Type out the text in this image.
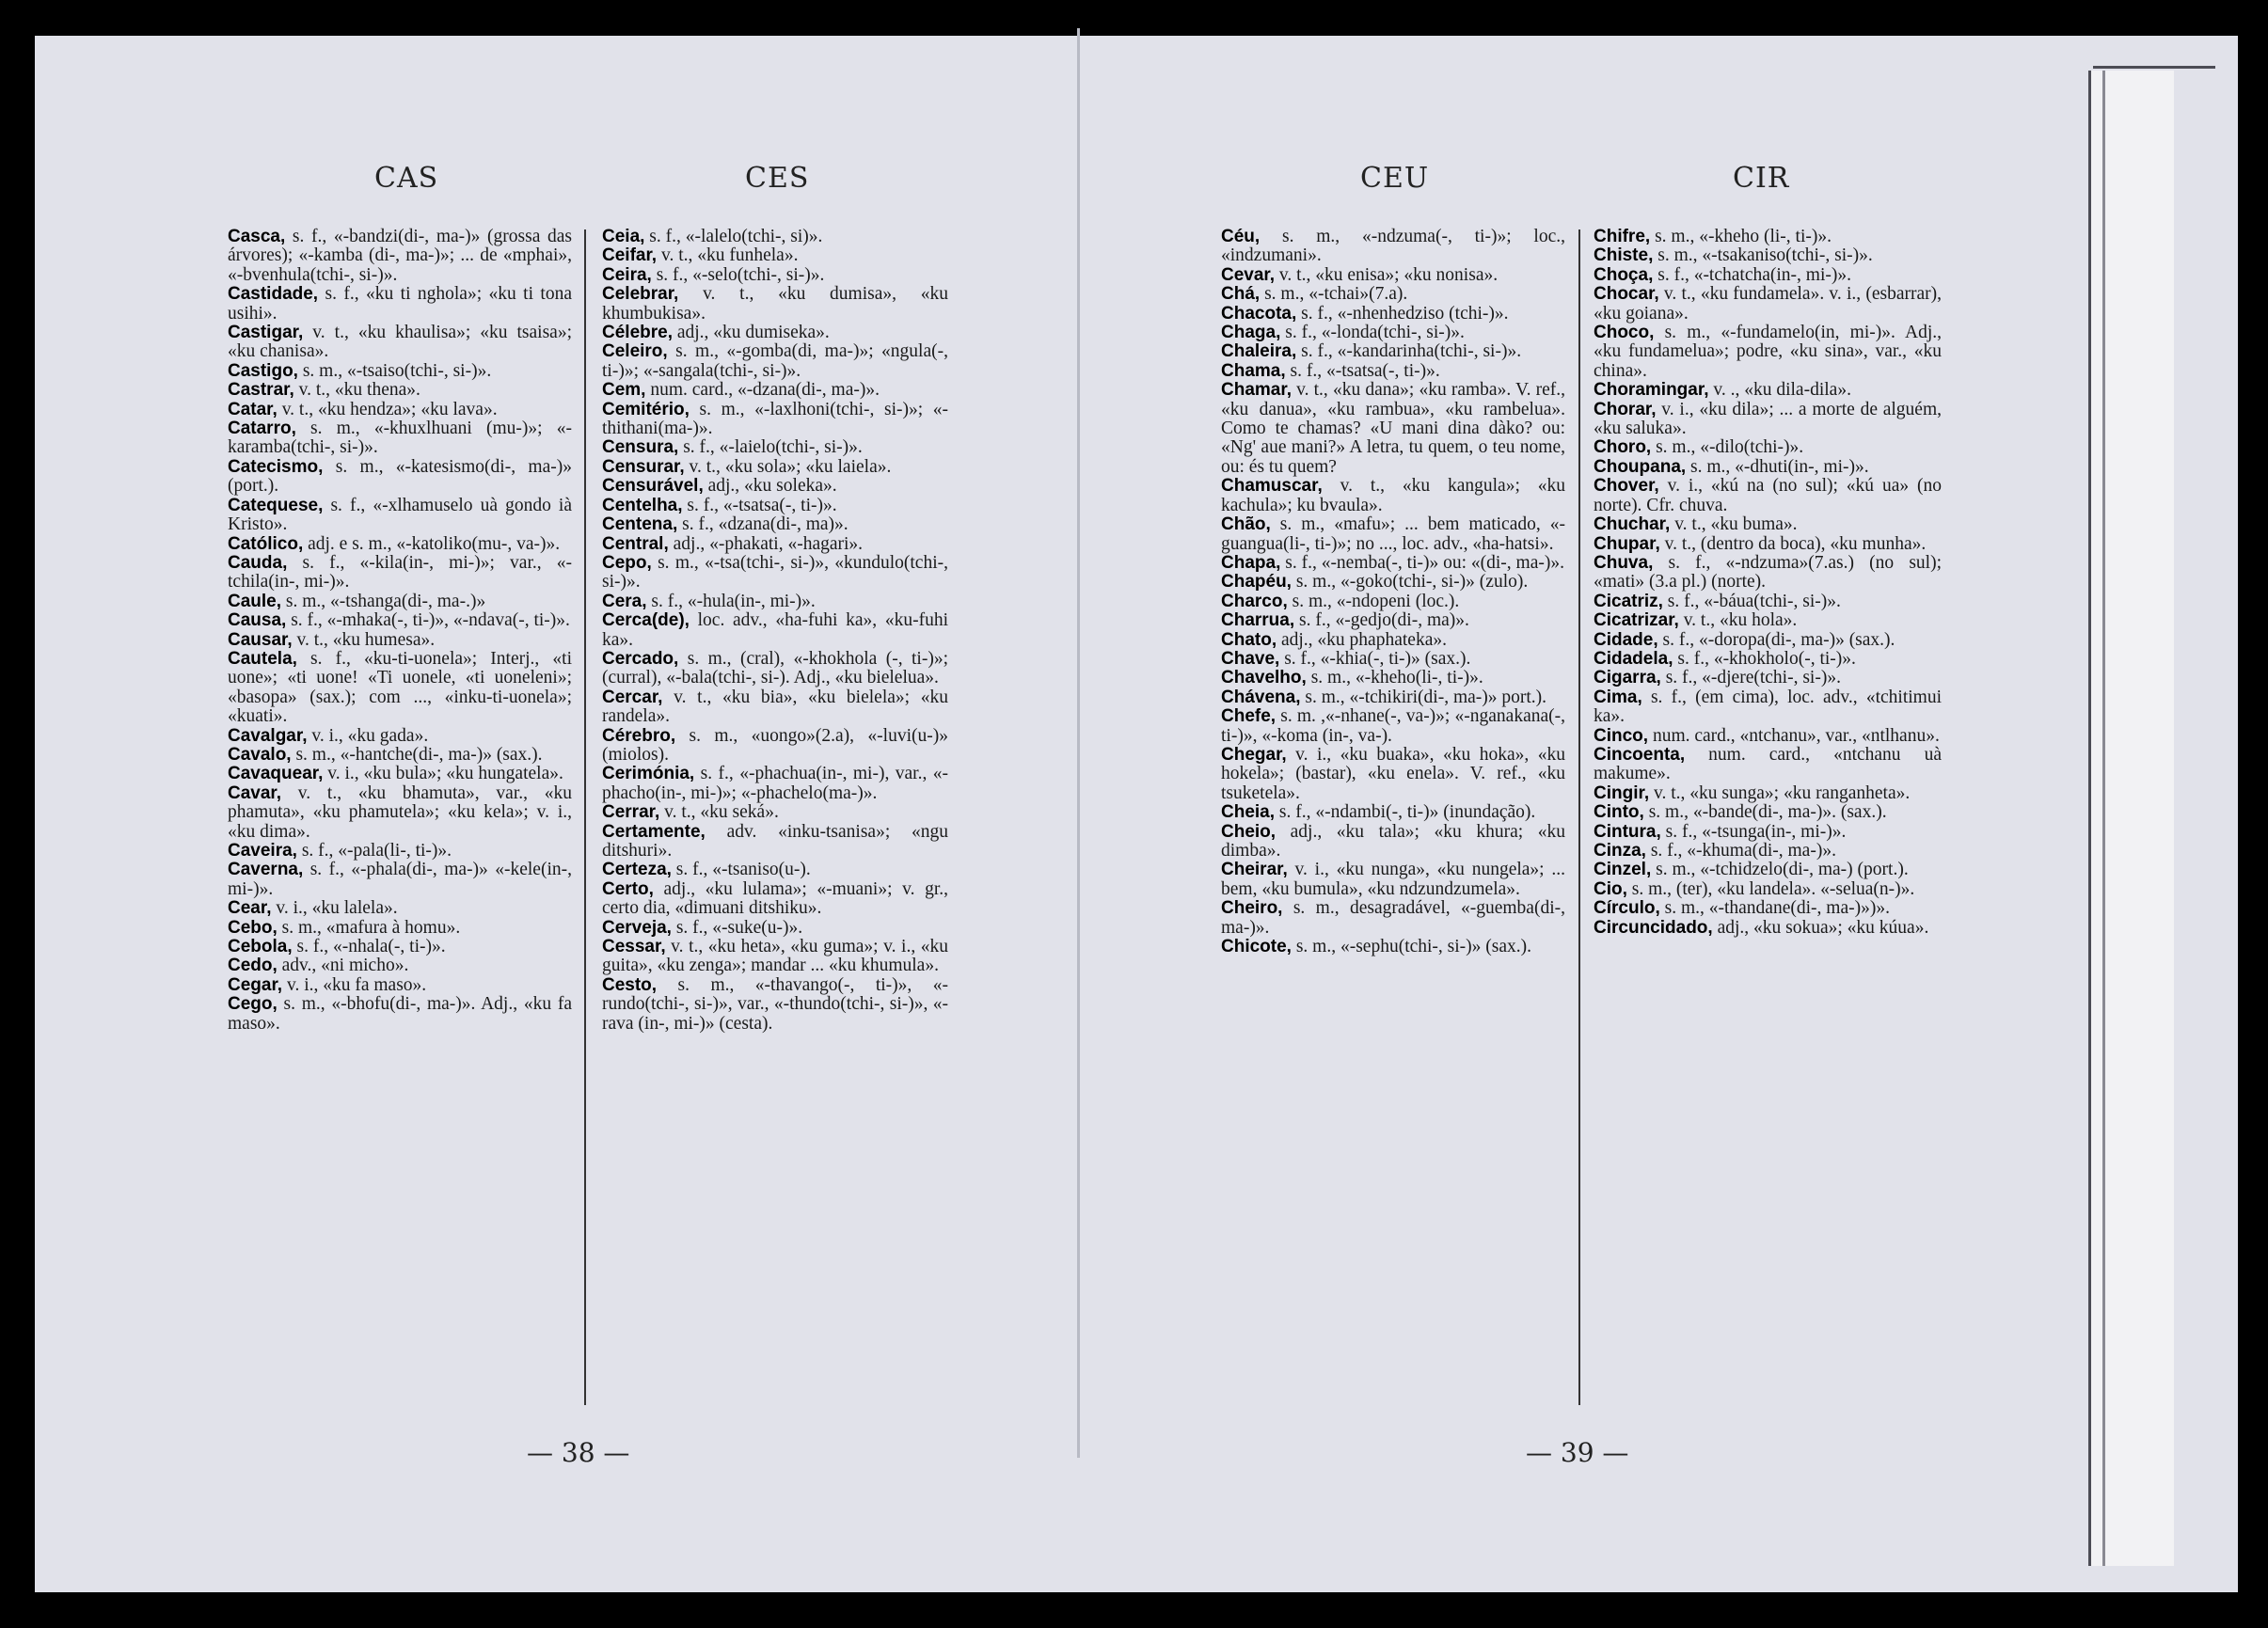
CAS	CES

Casca, s. f., «-bandzi(di-, ma-)» (grossa das árvores); «-kamba (di-, ma-)»; ... de «mphai», «-bvenhula(tchi-, si-)».

Castidade, s. f., «ku ti nghola»; «ku ti tona usihi».

Castigar, v. t., «ku khaulisa»; «ku tsaisa»; «ku chanisa».

Castigo, s. m., «-tsaiso(tchi-, si-)».

Castrar, v. t., «ku thena».

Catar, v. t., «ku hendza»; «ku lava».

Catarro, s. m., «-khuxlhuani (mu-)»; «-karamba(tchi-, si-)».

Catecismo, s. m., «-katesismo(di-, ma-)» (port.).

Catequese, s. f., «-xlhamuselo uà gondo ià Kristo».

Católico, adj. e s. m., «-katoliko(mu-, va-)».

Cauda, s. f., «-kila(in-, mi-)»; var., «-tchila(in-, mi-)».

Caule, s. m., «-tshanga(di-, ma-.)»

Causa, s. f., «-mhaka(-, ti-)», «-ndava(-, ti-)».

Causar, v. t., «ku humesa».

Cautela, s. f., «ku-ti-uonela»; Interj., «ti uone»; «ti uone! «Ti uonele, «ti uoneleni»; «basopa» (sax.); com ..., «inku-ti-uonela»; «kuati».

Cavalgar, v. i., «ku gada».

Cavalo, s. m., «-hantche(di-, ma-)» (sax.).

Cavaquear, v. i., «ku bula»; «ku hungatela».

Cavar, v. t., «ku bhamuta», var., «ku phamuta», «ku phamutela»; «ku kela»; v. i., «ku dima».

Caveira, s. f., «-pala(li-, ti-)».

Caverna, s. f., «-phala(di-, ma-)» «-kele(in-, mi-)».

Cear, v. i., «ku lalela».

Cebo, s. m., «mafura à homu».

Cebola, s. f., «-nhala(-, ti-)».

Cedo, adv., «ni micho».

Cegar, v. i., «ku fa maso».

Cego, s. m., «-bhofu(di-, ma-)». Adj., «ku fa maso».

Ceia, s. f., «-lalelo(tchi-, si)».

Ceifar, v. t., «ku funhela».

Ceira, s. f., «-selo(tchi-, si-)».

Celebrar, v. t., «ku dumisa», «ku khumbukisa».

Célebre, adj., «ku dumiseka».

Celeiro, s. m., «-gomba(di, ma-)»; «ngula(-, ti-)»; «-sangala(tchi-, si-)».

Cem, num. card., «-dzana(di-, ma-)».

Cemitério, s. m., «-laxlhoni(tchi-, si-)»; «-thithani(ma-)».

Censura, s. f., «-laielo(tchi-, si-)».

Censurar, v. t., «ku sola»; «ku laiela».

Censurável, adj., «ku soleka».

Centelha, s. f., «-tsatsa(-, ti-)».

Centena, s. f., «dzana(di-, ma)».

Central, adj., «-phakati, «-hagari».

Cepo, s. m., «-tsa(tchi-, si-)», «kundulo(tchi-, si-)».

Cera, s. f., «-hula(in-, mi-)».

Cerca(de), loc. adv., «ha-fuhi ka», «ku-fuhi ka».

Cercado, s. m., (cral), «-khokhola (-, ti-)»; (curral), «-bala(tchi-, si-). Adj., «ku bielelua».

Cercar, v. t., «ku bia», «ku bielela»; «ku randela».

Cérebro, s. m., «uongo»(2.a), «-luvi(u-)» (miolos).

Cerimónia, s. f., «-phachua(in-, mi-), var., «-phacho(in-, mi-)»; «-phachelo(ma-)».

Cerrar, v. t., «ku seká».

Certamente, adv. «inku-tsanisa»; «ngu ditshuri».

Certeza, s. f., «-tsaniso(u-).

Certo, adj., «ku lulama»; «-muani»; v. gr., certo dia, «dimuani ditshiku».

Cerveja, s. f., «-suke(u-)».

Cessar, v. t., «ku heta», «ku guma»; v. i., «ku guita», «ku zenga»; mandar ... «ku khumula».

Cesto, s. m., «-thavango(-, ti-)», «-rundo(tchi-, si-)», var., «-thundo(tchi-, si-)», «-rava (in-, mi-)» (cesta).

— 38 —
CEU	CIR

Céu, s. m., «-ndzuma(-, ti-)»; loc., «indzumani».

Cevar, v. t., «ku enisa»; «ku nonisa».

Chá, s. m., «-tchai»(7.a).

Chacota, s. f., «-nhenhedziso (tchi-)».

Chaga, s. f., «-londa(tchi-, si-)».

Chaleira, s. f., «-kandarinha(tchi-, si-)».

Chama, s. f., «-tsatsa(-, ti-)».

Chamar, v. t., «ku dana»; «ku ramba». V. ref., «ku danua», «ku rambua», «ku rambelua». Como te chamas? «U mani dina dàko? ou: «Ng' aue mani?» A letra, tu quem, o teu nome, ou: és tu quem?

Chamuscar, v. t., «ku kangula»; «ku kachula»; ku bvaula».

Chão, s. m., «mafu»; ... bem maticado, «-guangua(li-, ti-)»; no ..., loc. adv., «ha-hatsi».

Chapa, s. f., «-nemba(-, ti-)» ou: «(di-, ma-)».

Chapéu, s. m., «-goko(tchi-, si-)» (zulo).

Charco, s. m., «-ndopeni (loc.).

Charrua, s. f., «-gedjo(di-, ma)».

Chato, adj., «ku phaphateka».

Chave, s. f., «-khia(-, ti-)» (sax.).

Chavelho, s. m., «-kheho(li-, ti-)».

Chávena, s. m., «-tchikiri(di-, ma-)» port.).

Chefe, s. m. ,«-nhane(-, va-)»; «-nganakana(-, ti-)», «-koma (in-, va-).

Chegar, v. i., «ku buaka», «ku hoka», «ku hokela»; (bastar), «ku enela». V. ref., «ku tsuketela».

Cheia, s. f., «-ndambi(-, ti-)» (inundação).

Cheio, adj., «ku tala»; «ku khura; «ku dimba».

Cheirar, v. i., «ku nunga», «ku nungela»; ... bem, «ku bumula», «ku ndzundzumela».

Cheiro, s. m., desagradável, «-guemba(di-, ma-)».

Chicote, s. m., «-sephu(tchi-, si-)» (sax.).

Chifre, s. m., «-kheho (li-, ti-)».

Chiste, s. m., «-tsakaniso(tchi-, si-)».

Choça, s. f., «-tchatcha(in-, mi-)».

Chocar, v. t., «ku fundamela». v. i., (esbarrar), «ku goiana».

Choco, s. m., «-fundamelo(in, mi-)». Adj., «ku fundamelua»; podre, «ku sina», var., «ku china».

Choramingar, v. ., «ku dila-dila».

Chorar, v. i., «ku dila»; ... a morte de alguém, «ku saluka».

Choro, s. m., «-dilo(tchi-)».

Choupana, s. m., «-dhuti(in-, mi-)».

Chover, v. i., «kú na (no sul); «kú ua» (no norte). Cfr. chuva.

Chuchar, v. t., «ku buma».

Chupar, v. t., (dentro da boca), «ku munha».

Chuva, s. f., «-ndzuma»(7.as.) (no sul); «mati» (3.a pl.) (norte).

Cicatriz, s. f., «-báua(tchi-, si-)».

Cicatrizar, v. t., «ku hola».

Cidade, s. f., «-doropa(di-, ma-)» (sax.).

Cidadela, s. f., «-khokholo(-, ti-)».

Cigarra, s. f., «-djere(tchi-, si-)».

Cima, s. f., (em cima), loc. adv., «tchitimui ka».

Cinco, num. card., «ntchanu», var., «ntlhanu».

Cincoenta, num. card., «ntchanu uà makume».

Cingir, v. t., «ku sunga»; «ku ranganheta».

Cinto, s. m., «-bande(di-, ma-)». (sax.).

Cintura, s. f., «-tsunga(in-, mi-)».

Cinza, s. f., «-khuma(di-, ma-)».

Cinzel, s. m., «-tchidzelo(di-, ma-) (port.).

Cio, s. m., (ter), «ku landela». «-selua(n-)».

Círculo, s. m., «-thandane(di-, ma-)»)».

Circuncidado, adj., «ku sokua»; «ku kúua».

— 39 —
